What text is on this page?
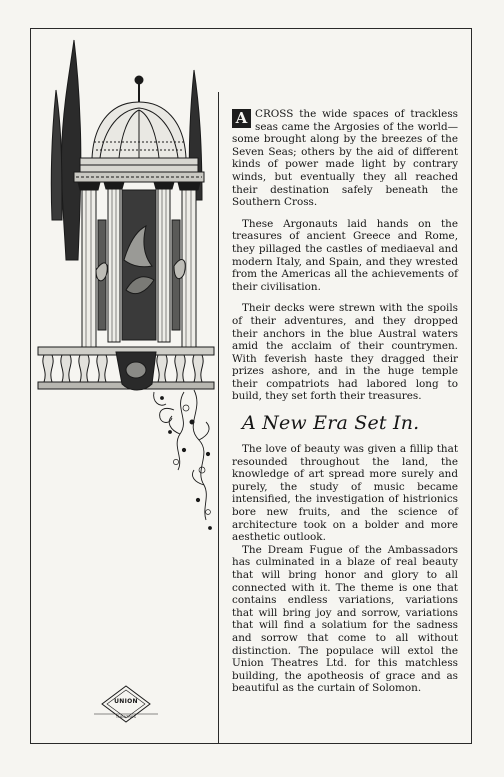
UNION
THEATRES

A CROSS the wide spaces of trackless seas came the Argosies of the world—some brought along by the breezes of the Seven Seas; others by the aid of different kinds of power made light by contrary winds, but eventually they all reached their destination safely beneath the Southern Cross.

These Argonauts laid hands on the treasures of ancient Greece and Rome, they pillaged the castles of mediaeval and modern Italy, and Spain, and they wrested from the Americas all the achievements of their civilisation.

Their decks were strewn with the spoils of their adventures, and they dropped their anchors in the blue Austral waters amid the acclaim of their countrymen. With feverish haste they dragged their prizes ashore, and in the huge temple their compatriots had labored long to build, they set forth their treasures.

A New Era Set In.

The love of beauty was given a fillip that resounded throughout the land, the knowledge of art spread more surely and purely, the study of music became intensified, the investigation of histrionics bore new fruits, and the science of architecture took on a bolder and more aesthetic outlook.

The Dream Fugue of the Ambassadors has culminated in a blaze of real beauty that will bring honor and glory to all connected with it. The theme is one that contains endless variations, variations that will bring joy and sorrow, variations that will find a solatium for the sadness and sorrow that come to all without distinction. The populace will extol the Union Theatres Ltd. for this matchless building, the apotheosis of grace and as beautiful as the curtain of Solomon.
